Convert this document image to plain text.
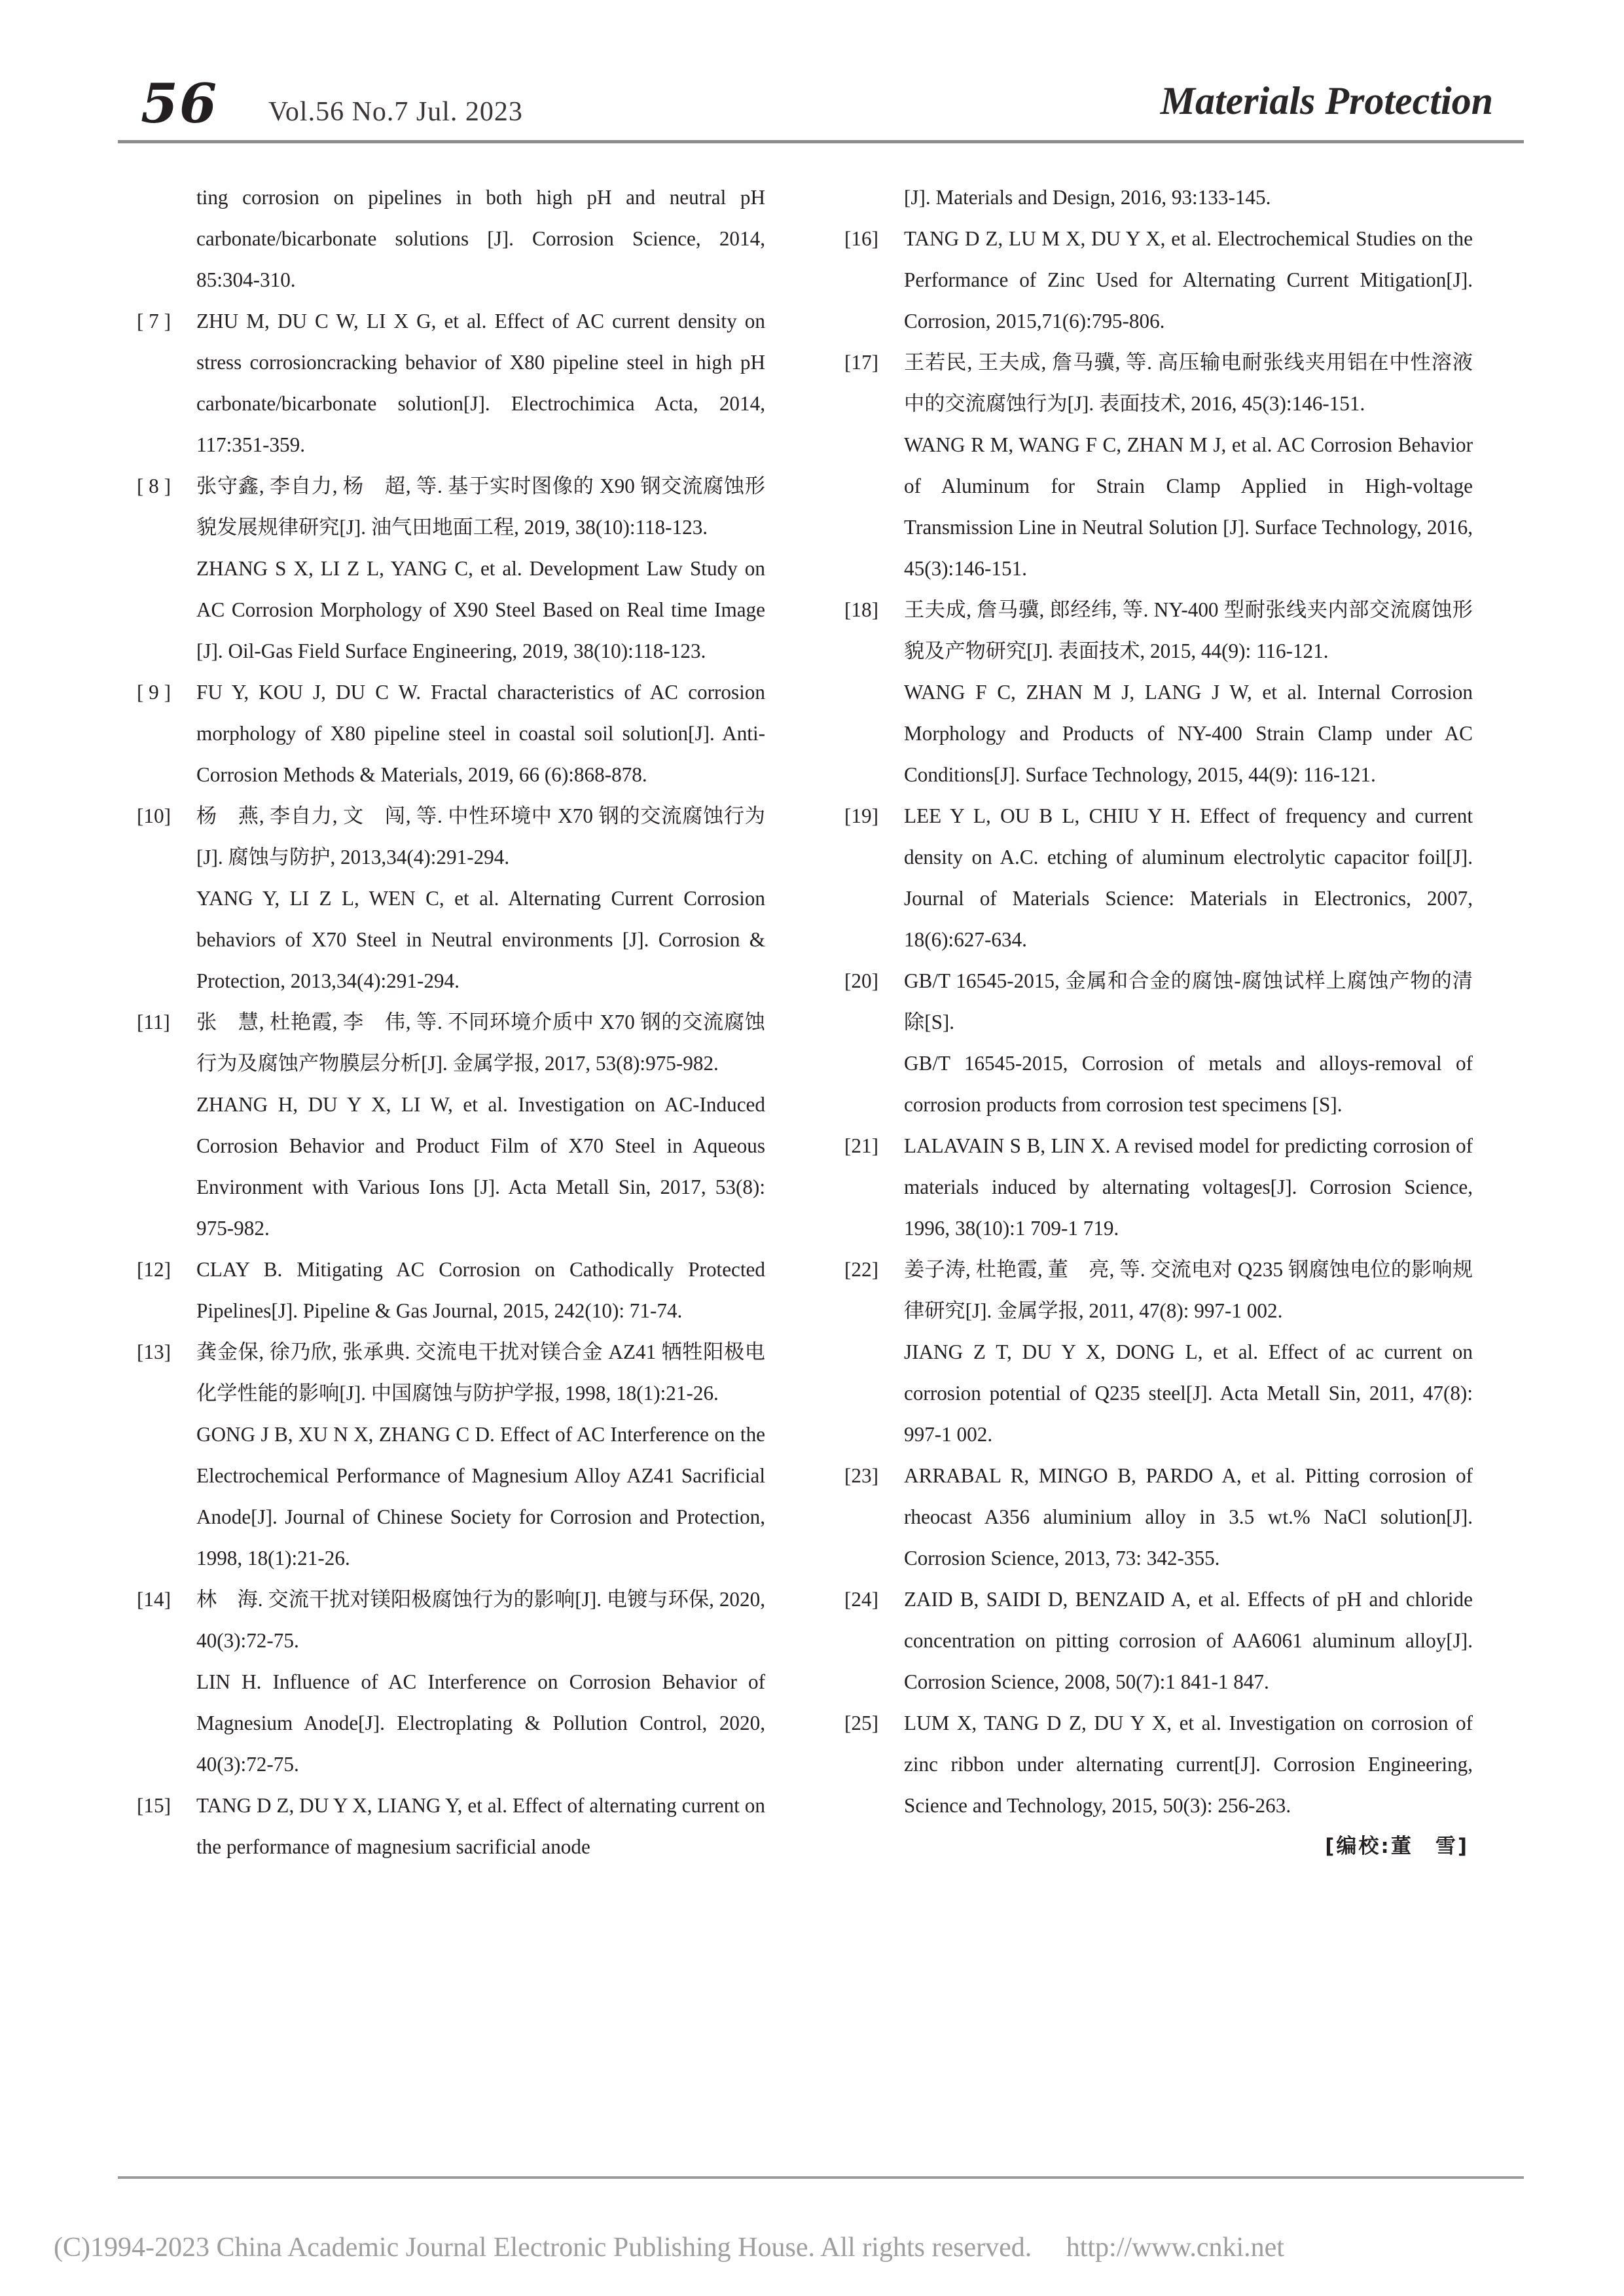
56 Vol.56 No.7 Jul. 2023	Materials Protection
ting corrosion on pipelines in both high pH and neutral pH carbonate/bicarbonate solutions [J]. Corrosion Science, 2014, 85:304-310.
[ 7 ]	ZHU M, DU C W, LI X G, et al. Effect of AC current density on stress corrosioncracking behavior of X80 pipeline steel in high pH carbonate/bicarbonate solution[J]. Electrochimica Acta, 2014, 117:351-359.
[ 8 ]	张守鑫, 李自力, 杨　超, 等. 基于实时图像的 X90 钢交流腐蚀形貌发展规律研究[J]. 油气田地面工程, 2019, 38(10):118-123.
ZHANG S X, LI Z L, YANG C, et al. Development Law Study on AC Corrosion Morphology of X90 Steel Based on Real time Image [J]. Oil-Gas Field Surface Engineering, 2019, 38(10):118-123.
[ 9 ]	FU Y, KOU J, DU C W. Fractal characteristics of AC corrosion morphology of X80 pipeline steel in coastal soil solution[J]. Anti-Corrosion Methods & Materials, 2019, 66 (6):868-878.
[10]	杨　燕, 李自力, 文　闯, 等. 中性环境中 X70 钢的交流腐蚀行为[J]. 腐蚀与防护, 2013,34(4):291-294.
YANG Y, LI Z L, WEN C, et al. Alternating Current Corrosion behaviors of X70 Steel in Neutral environments [J]. Corrosion & Protection, 2013,34(4):291-294.
[11]	张　慧, 杜艳霞, 李　伟, 等. 不同环境介质中 X70 钢的交流腐蚀行为及腐蚀产物膜层分析[J]. 金属学报, 2017, 53(8):975-982.
ZHANG H, DU Y X, LI W, et al. Investigation on AC-Induced Corrosion Behavior and Product Film of X70 Steel in Aqueous Environment with Various Ions [J]. Acta Metall Sin, 2017, 53(8): 975-982.
[12]	CLAY B. Mitigating AC Corrosion on Cathodically Protected Pipelines[J]. Pipeline & Gas Journal, 2015, 242(10): 71-74.
[13]	龚金保, 徐乃欣, 张承典. 交流电干扰对镁合金 AZ41 牺牲阳极电化学性能的影响[J]. 中国腐蚀与防护学报, 1998, 18(1):21-26.
GONG J B, XU N X, ZHANG C D. Effect of AC Interference on the Electrochemical Performance of Magnesium Alloy AZ41 Sacrificial Anode[J]. Journal of Chinese Society for Corrosion and Protection, 1998, 18(1):21-26.
[14]	林　海. 交流干扰对镁阳极腐蚀行为的影响[J]. 电镀与环保, 2020, 40(3):72-75.
LIN H. Influence of AC Interference on Corrosion Behavior of Magnesium Anode[J]. Electroplating & Pollution Control, 2020, 40(3):72-75.
[15]	TANG D Z, DU Y X, LIANG Y, et al. Effect of alternating current on the performance of magnesium sacrificial anode
[J]. Materials and Design, 2016, 93:133-145.
[16]	TANG D Z, LU M X, DU Y X, et al. Electrochemical Studies on the Performance of Zinc Used for Alternating Current Mitigation[J]. Corrosion, 2015,71(6):795-806.
[17]	王若民, 王夫成, 詹马骥, 等. 高压输电耐张线夹用铝在中性溶液中的交流腐蚀行为[J]. 表面技术, 2016, 45(3):146-151.
WANG R M, WANG F C, ZHAN M J, et al. AC Corrosion Behavior of Aluminum for Strain Clamp Applied in High-voltage Transmission Line in Neutral Solution [J]. Surface Technology, 2016, 45(3):146-151.
[18]	王夫成, 詹马骥, 郎经纬, 等. NY-400 型耐张线夹内部交流腐蚀形貌及产物研究[J]. 表面技术, 2015, 44(9): 116-121.
WANG F C, ZHAN M J, LANG J W, et al. Internal Corrosion Morphology and Products of NY-400 Strain Clamp under AC Conditions[J]. Surface Technology, 2015, 44(9): 116-121.
[19]	LEE Y L, OU B L, CHIU Y H. Effect of frequency and current density on A.C. etching of aluminum electrolytic capacitor foil[J]. Journal of Materials Science: Materials in Electronics, 2007, 18(6):627-634.
[20]	GB/T 16545-2015, 金属和合金的腐蚀-腐蚀试样上腐蚀产物的清除[S].
GB/T 16545-2015, Corrosion of metals and alloys-removal of corrosion products from corrosion test specimens [S].
[21]	LALAVAIN S B, LIN X. A revised model for predicting corrosion of materials induced by alternating voltages[J]. Corrosion Science, 1996, 38(10):1 709-1 719.
[22]	姜子涛, 杜艳霞, 董　亮, 等. 交流电对 Q235 钢腐蚀电位的影响规律研究[J]. 金属学报, 2011, 47(8): 997-1 002.
JIANG Z T, DU Y X, DONG L, et al. Effect of ac current on corrosion potential of Q235 steel[J]. Acta Metall Sin, 2011, 47(8): 997-1 002.
[23]	ARRABAL R, MINGO B, PARDO A, et al. Pitting corrosion of rheocast A356 aluminium alloy in 3.5 wt.% NaCl solution[J]. Corrosion Science, 2013, 73: 342-355.
[24]	ZAID B, SAIDI D, BENZAID A, et al. Effects of pH and chloride concentration on pitting corrosion of AA6061 aluminum alloy[J]. Corrosion Science, 2008, 50(7):1 841-1 847.
[25]	LUM X, TANG D Z, DU Y X, et al. Investigation on corrosion of zinc ribbon under alternating current[J]. Corrosion Engineering, Science and Technology, 2015, 50(3): 256-263.
[编校:董　雪]
(C)1994-2023 China Academic Journal Electronic Publishing House. All rights reserved.　 http://www.cnki.net
